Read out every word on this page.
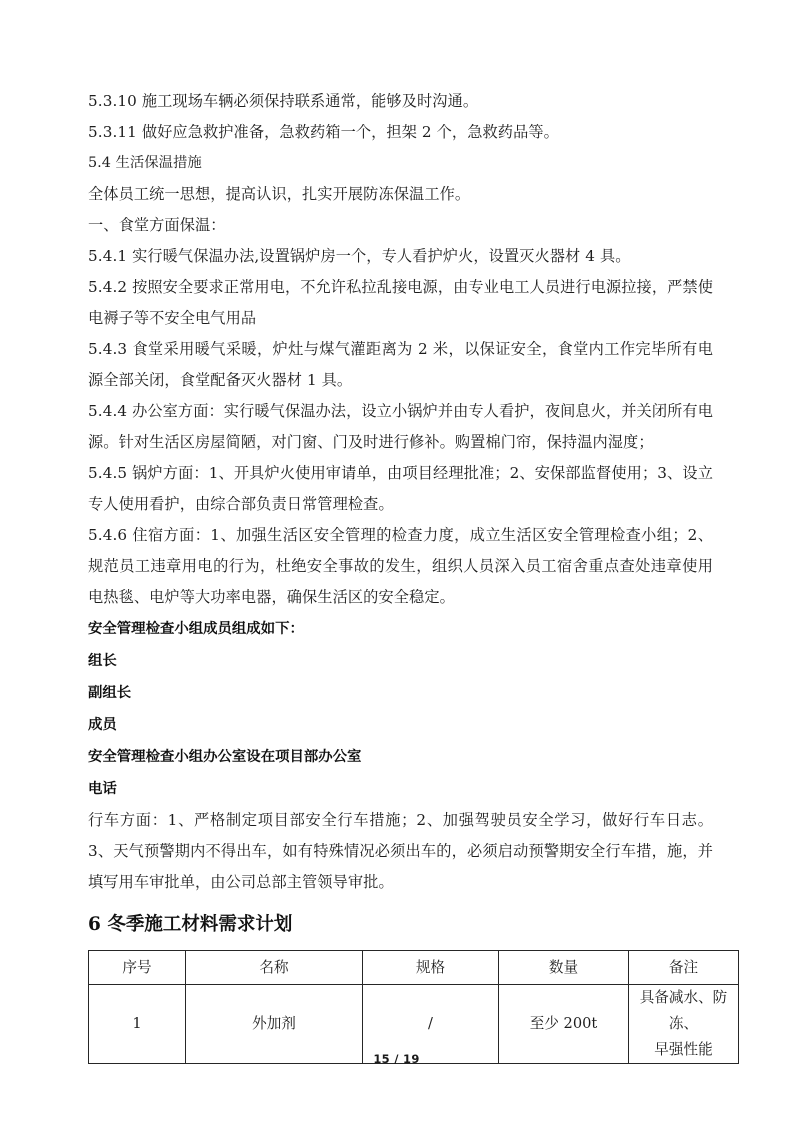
5.3.10 施工现场车辆必须保持联系通常，能够及时沟通。

5.3.11 做好应急救护准备，急救药箱一个，担架 2 个，急救药品等。

5.4 生活保温措施

全体员工统一思想，提高认识，扎实开展防冻保温工作。

一、食堂方面保温：

5.4.1 实行暖气保温办法,设置锅炉房一个，专人看护炉火，设置灭火器材 4 具。

5.4.2 按照安全要求正常用电，不允许私拉乱接电源，由专业电工人员进行电源拉接，严禁使电褥子等不安全电气用品

5.4.3 食堂采用暖气采暖，炉灶与煤气灌距离为 2 米，以保证安全，食堂内工作完毕所有电源全部关闭，食堂配备灭火器材 1 具。

5.4.4 办公室方面：实行暖气保温办法，设立小锅炉并由专人看护，夜间息火，并关闭所有电源。针对生活区房屋简陋，对门窗、门及时进行修补。购置棉门帘，保持温内湿度；

5.4.5 锅炉方面：1、开具炉火使用审请单，由项目经理批准；2、安保部监督使用；3、设立专人使用看护，由综合部负责日常管理检查。

5.4.6 住宿方面：1、加强生活区安全管理的检查力度，成立生活区安全管理检查小组；2、规范员工违章用电的行为，杜绝安全事故的发生，组织人员深入员工宿舍重点查处违章使用电热毯、电炉等大功率电器，确保生活区的安全稳定。

安全管理检查小组成员组成如下：

组长

副组长

成员

安全管理检查小组办公室设在项目部办公室

电话

行车方面：1、严格制定项目部安全行车措施；2、加强驾驶员安全学习，做好行车日志。3、天气预警期内不得出车，如有特殊情况必须出车的，必须启动预警期安全行车措，施，并填写用车审批单，由公司总部主管领导审批。

6 冬季施工材料需求计划
序号	名称	规格	数量	备注
1	外加剂	/	至少 200t	具备减水、防冻、
早强性能
15 / 19
